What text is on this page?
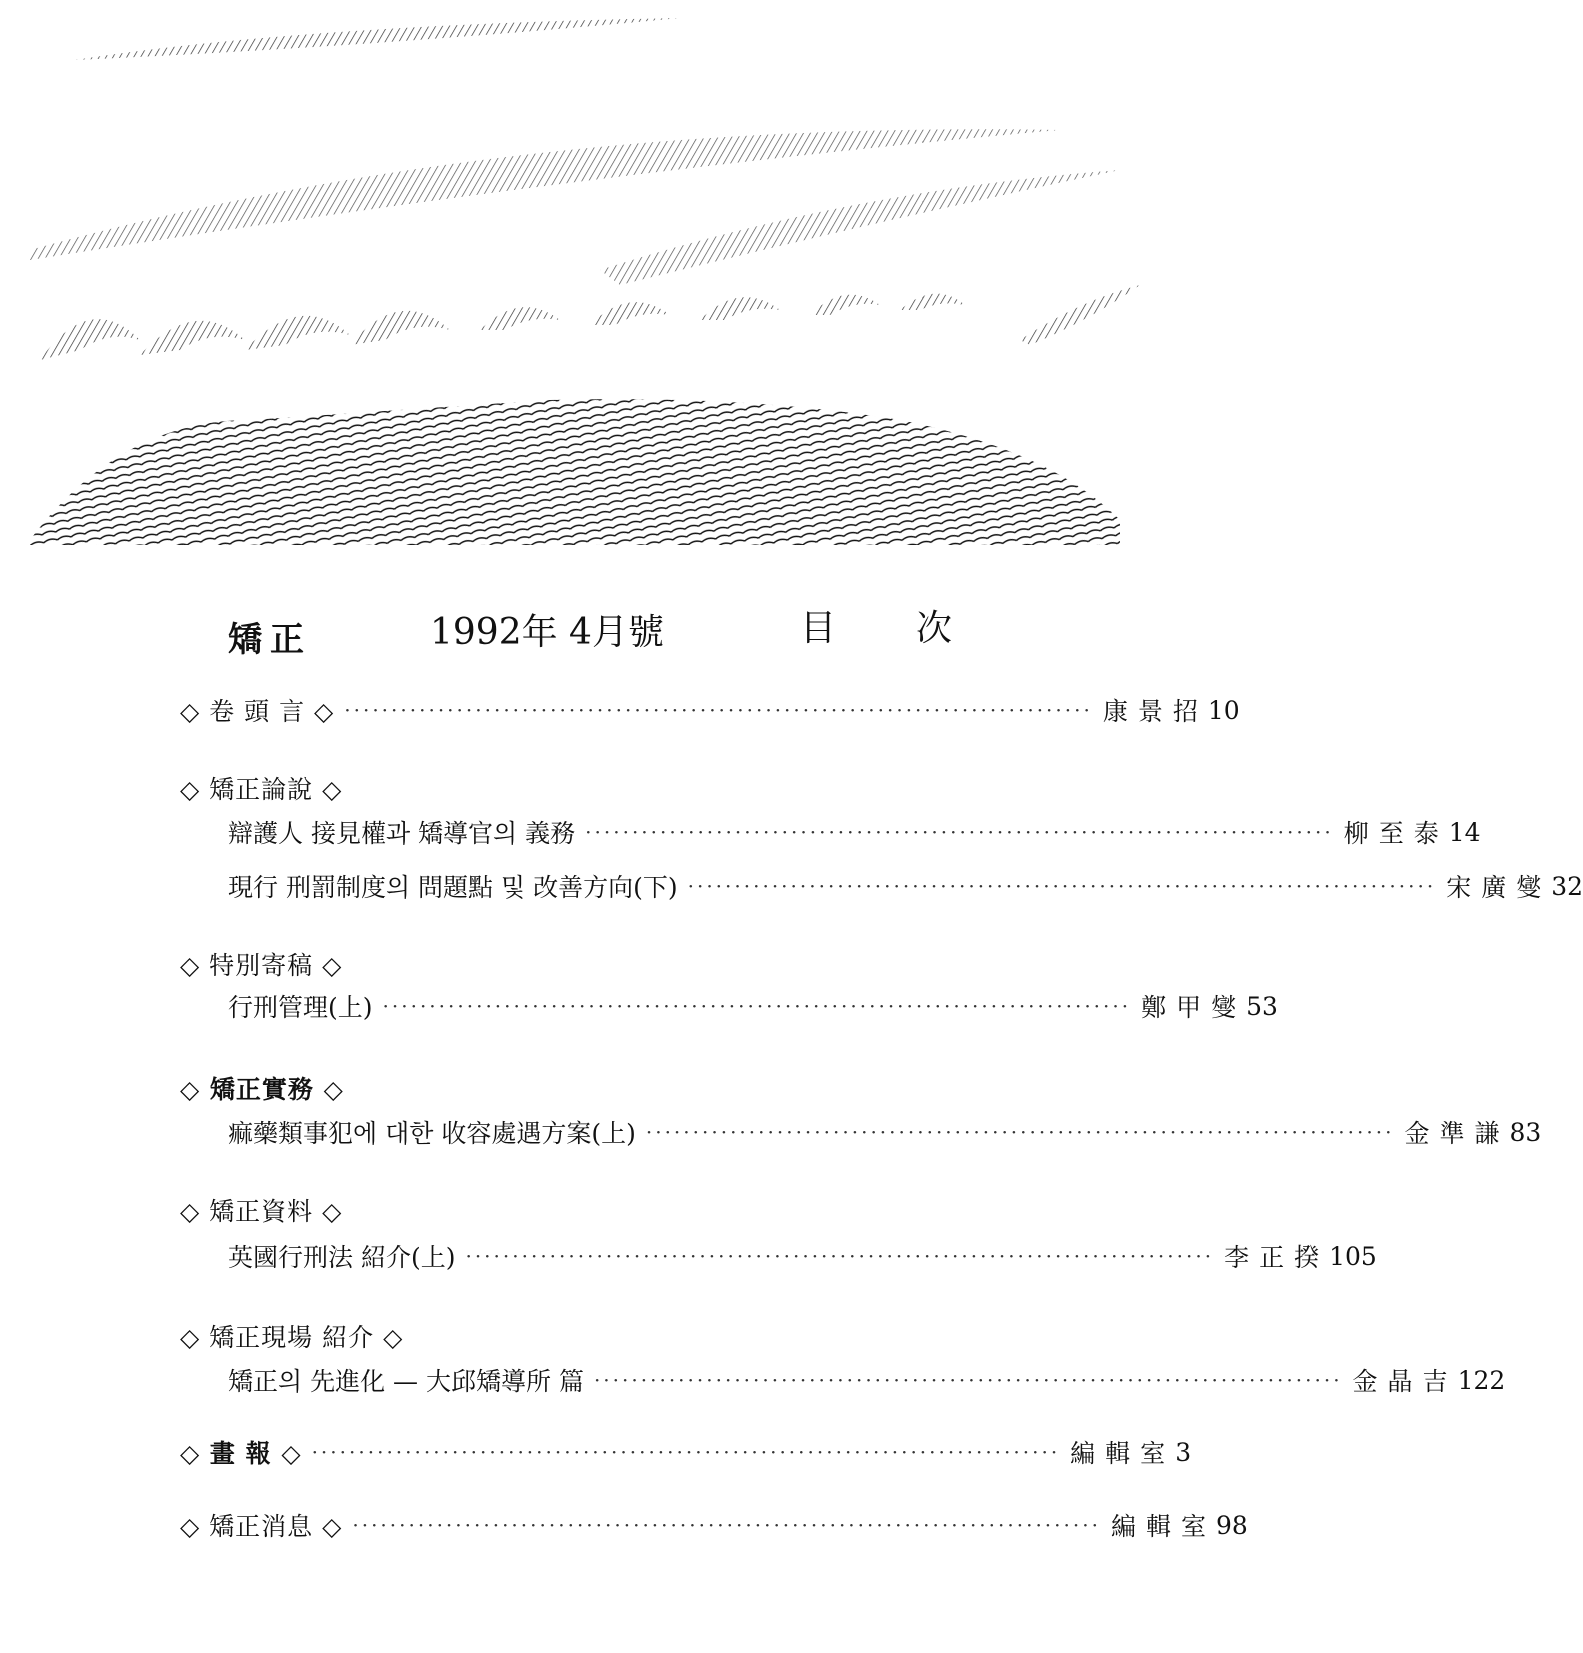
矯正	1992年 4月號	目次
◇ 卷 頭 言 ◇ ················································································ 康景招 10
◇ 矯正論說 ◇
辯護人 接見權과 矯導官의 義務 ················································································ 柳至泰 14
現行 刑罰制度의 問題點 및 改善方向(下) ················································································ 宋廣燮 32
◇ 特別寄稿 ◇
行刑管理(上) ················································································ 鄭甲燮 53
◇ 矯正實務 ◇
痲藥類事犯에 대한 收容處遇方案(上) ················································································ 金準謙 83
◇ 矯正資料 ◇
英國行刑法 紹介(上) ················································································ 李正揆 105
◇ 矯正現場 紹介 ◇
矯正의 先進化 — 大邱矯導所 篇 ················································································ 金晶吉 122
◇ 畫 報 ◇ ················································································ 編輯室 3
◇ 矯正消息 ◇ ················································································ 編輯室 98
